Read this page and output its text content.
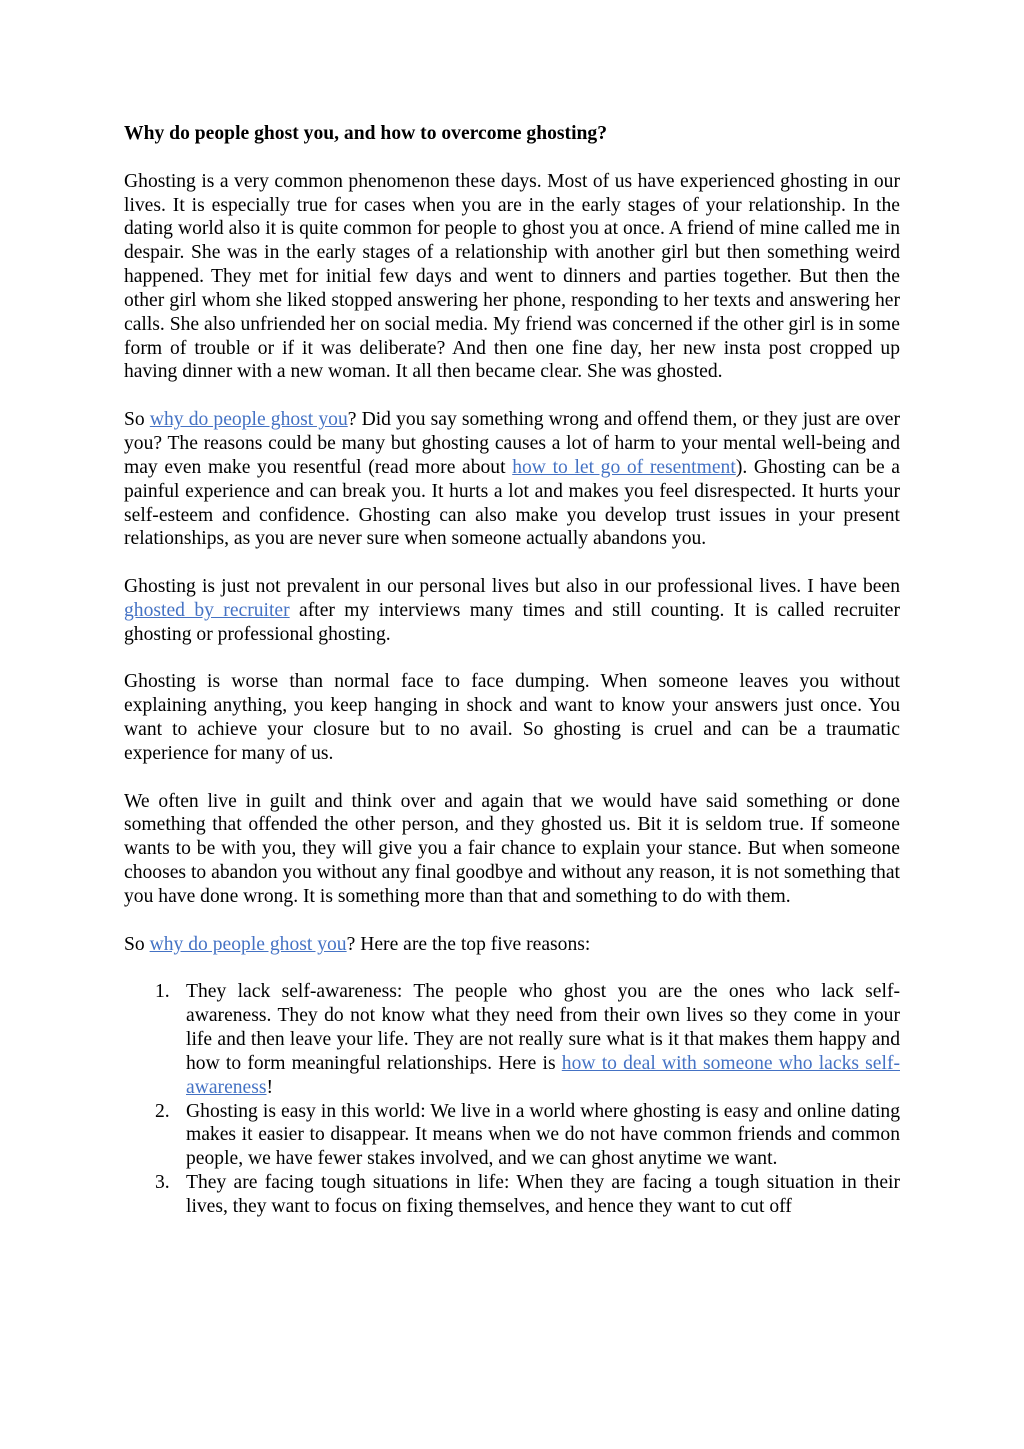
Why do people ghost you, and how to overcome ghosting?

Ghosting is a very common phenomenon these days. Most of us have experienced ghosting in our lives. It is especially true for cases when you are in the early stages of your relationship. In the dating world also it is quite common for people to ghost you at once. A friend of mine called me in despair. She was in the early stages of a relationship with another girl but then something weird happened. They met for initial few days and went to dinners and parties together. But then the other girl whom she liked stopped answering her phone, responding to her texts and answering her calls. She also unfriended her on social media. My friend was concerned if the other girl is in some form of trouble or if it was deliberate? And then one fine day, her new insta post cropped up having dinner with a new woman. It all then became clear. She was ghosted.

So why do people ghost you? Did you say something wrong and offend them, or they just are over you? The reasons could be many but ghosting causes a lot of harm to your mental well-being and may even make you resentful (read more about how to let go of resentment). Ghosting can be a painful experience and can break you. It hurts a lot and makes you feel disrespected. It hurts your self-esteem and confidence. Ghosting can also make you develop trust issues in your present relationships, as you are never sure when someone actually abandons you.

Ghosting is just not prevalent in our personal lives but also in our professional lives. I have been ghosted by recruiter after my interviews many times and still counting. It is called recruiter ghosting or professional ghosting.

Ghosting is worse than normal face to face dumping. When someone leaves you without explaining anything, you keep hanging in shock and want to know your answers just once. You want to achieve your closure but to no avail. So ghosting is cruel and can be a traumatic experience for many of us.

We often live in guilt and think over and again that we would have said something or done something that offended the other person, and they ghosted us. Bit it is seldom true. If someone wants to be with you, they will give you a fair chance to explain your stance. But when someone chooses to abandon you without any final goodbye and without any reason, it is not something that you have done wrong. It is something more than that and something to do with them.

So why do people ghost you? Here are the top five reasons:

1. They lack self-awareness: The people who ghost you are the ones who lack self-awareness. They do not know what they need from their own lives so they come in your life and then leave your life. They are not really sure what is it that makes them happy and how to form meaningful relationships. Here is how to deal with someone who lacks self-awareness!
2. Ghosting is easy in this world: We live in a world where ghosting is easy and online dating makes it easier to disappear. It means when we do not have common friends and common people, we have fewer stakes involved, and we can ghost anytime we want.
3. They are facing tough situations in life: When they are facing a tough situation in their lives, they want to focus on fixing themselves, and hence they want to cut off
